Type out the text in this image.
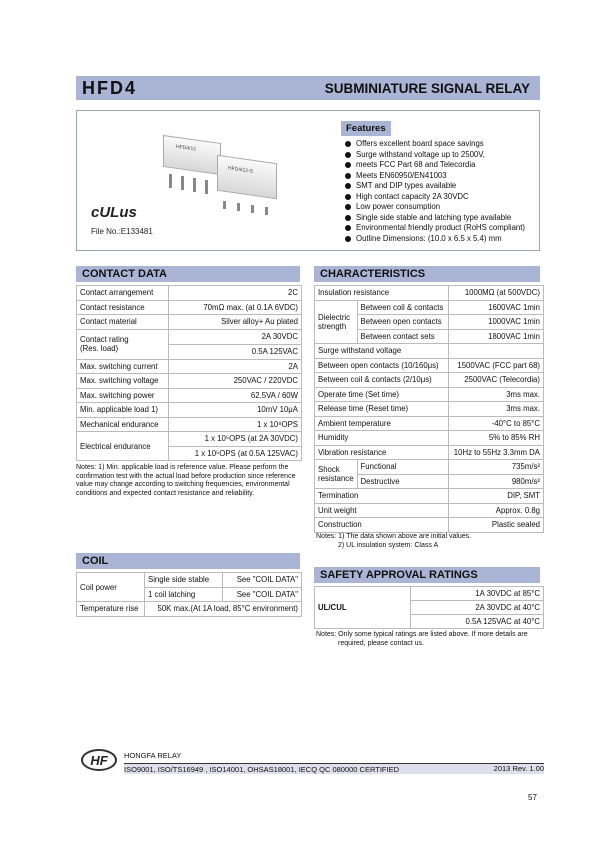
HFD4	SUBMINIATURE SIGNAL RELAY
HFD4/12
HFD4/12-S
cULus
File No.:E133481
Features
Offers excellent board space savings
Surge withstand voltage up to 2500V,
meets FCC Part 68 and Telecordia
Meets EN60950/EN41003
SMT and DIP types available
High contact capacity 2A 30VDC
Low power consumption
Single side stable and latching type available
Environmental friendly product (RoHS compliant)
Outline Dimensions: (10.0 x 6.5 x 5.4) mm
CONTACT DATA
Contact arrangement	2C
Contact resistance	70mΩ max. (at 0.1A 6VDC)
Contact material	Silver alloy+ Au plated
Contact rating
(Res. load)	2A 30VDC
	0.5A 125VAC
Max. switching current	2A
Max. switching voltage	250VAC / 220VDC
Max. switching power	62.5VA / 60W
Min. applicable load 1)	10mV 10μA
Mechanical endurance	1 x 10⁸OPS
Electrical endurance	1 x 10⁵OPS (at 2A 30VDC)
	1 x 10⁵OPS (at 0.5A 125VAC)
Notes: 1) Min. applicable load is reference value. Please perform the confirmation test with the actual load before production since reference value may change according to switching frequencies, environmental conditions and expected contact resistance and reliability.
COIL
Coil power	Single side stable	See "COIL DATA"
	1 coil latching	See "COIL DATA"
Temperature rise	50K max.(At 1A load, 85°C environment)	
CHARACTERISTICS
Insulation resistance		1000MΩ (at 500VDC)
Dielectric strength	Between coil & contacts	1600VAC 1min
	Between open contacts	1000VAC 1min
	Between contact sets	1800VAC 1min
Surge withstand voltage		
Between open contacts (10/160μs)		1500VAC (FCC part 68)
Between coil & contacts (2/10μs)		2500VAC (Telecordia)
Operate time (Set time)		3ms max.
Release time (Reset time)		3ms max.
Ambient temperature		-40°C to 85°C
Humidity		5% to 85% RH
Vibration resistance		10Hz to 55Hz 3.3mm DA
Shock resistance	Functional	735m/s²
	Destructive	980m/s²
Termination		DIP, SMT
Unit weight		Approx. 0.8g
Construction		Plastic sealed
Notes: 1) The data shown above are initial values.
2) UL insulation system: Class A
SAFETY APPROVAL RATINGS
UL/CUL	1A 30VDC at 85°C
2A 30VDC at 40°C
0.5A 125VAC at 40°C
Notes: Only some typical ratings are listed above. If more details are
required, please contact us.
HF HONGFA RELAY
ISO9001, ISO/TS16949 , ISO14001, OHSAS18001, IECQ QC 080000 CERTIFIED	2013 Rev. 1.00
57
